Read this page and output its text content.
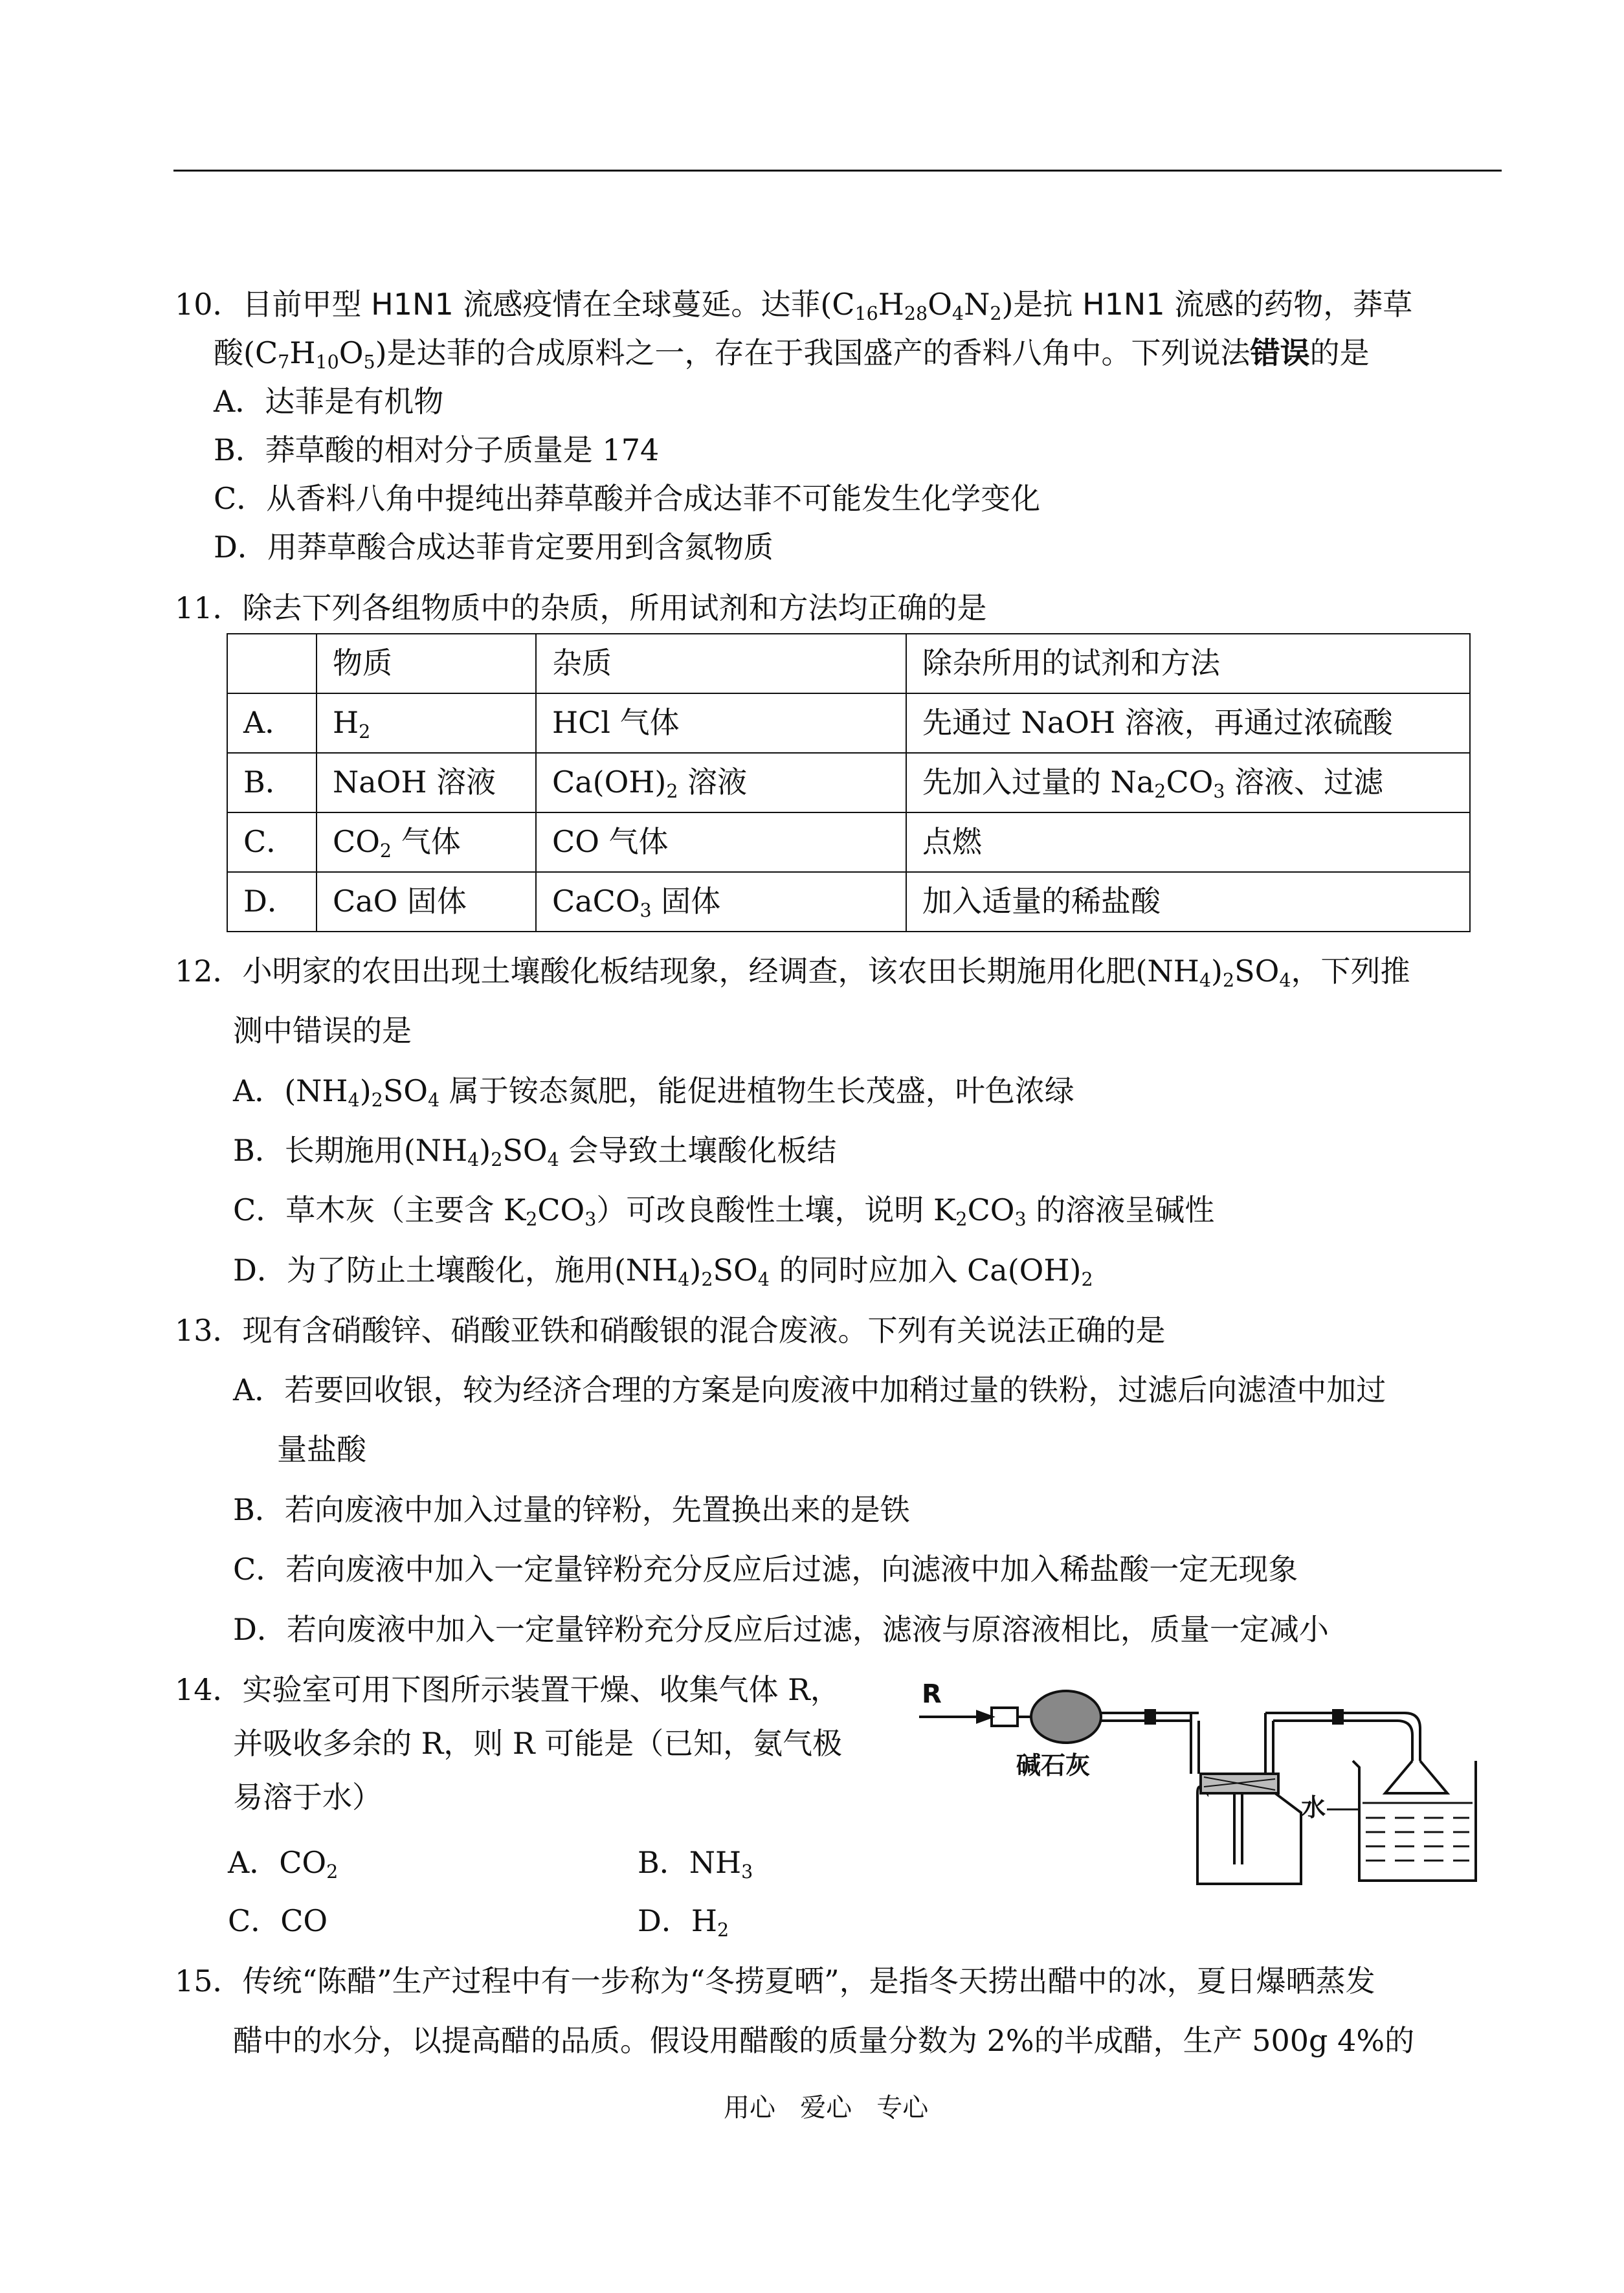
10．目前甲型 H1N1 流感疫情在全球蔓延。达菲$(C_{16}H_{28}O_4N_2)$是抗 H1N1 流感的药物，莽草
酸$(C_7H_{10}O_5)$是达菲的合成原料之一，存在于我国盛产的香料八角中。下列说法错误的是
A．达菲是有机物
B．莽草酸的相对分子质量是 174
C．从香料八角中提纯出莽草酸并合成达菲不可能发生化学变化
D．用莽草酸合成达菲肯定要用到含氮物质
11．除去下列各组物质中的杂质，所用试剂和方法均正确的是
	物质	杂质	除杂所用的试剂和方法
A．	$H_2$	HCl 气体	先通过 NaOH 溶液，再通过浓硫酸
B．	NaOH 溶液	$Ca(OH)_2$ 溶液	先加入过量的 $Na_2CO_3$ 溶液、过滤
C．	$CO_2$ 气体	CO 气体	点燃
D．	CaO 固体	CaCO$_3$ 固体	加入适量的稀盐酸
12．小明家的农田出现土壤酸化板结现象，经调查，该农田长期施用化肥$(NH_4)_2SO_4$，下列推
测中错误的是
A．$(NH_4)_2SO_4$ 属于铵态氮肥，能促进植物生长茂盛，叶色浓绿
B．长期施用$(NH_4)_2SO_4$ 会导致土壤酸化板结
C．草木灰（主要含 $K_2CO_3$）可改良酸性土壤，说明 $K_2CO_3$ 的溶液呈碱性
D．为了防止土壤酸化，施用$(NH_4)_2SO_4$ 的同时应加入 $Ca(OH)_2$
13．现有含硝酸锌、硝酸亚铁和硝酸银的混合废液。下列有关说法正确的是
A．若要回收银，较为经济合理的方案是向废液中加稍过量的铁粉，过滤后向滤渣中加过
量盐酸
B．若向废液中加入过量的锌粉，先置换出来的是铁
C．若向废液中加入一定量锌粉充分反应后过滤，向滤液中加入稀盐酸一定无现象
D．若向废液中加入一定量锌粉充分反应后过滤，滤液与原溶液相比，质量一定减小
14．实验室可用下图所示装置干燥、收集气体 R，
并吸收多余的 R，则 R 可能是（已知，氨气极
易溶于水）
A．$CO_2$	B．$NH_3$
C．CO	D．$H_2$
R
碱石灰
水
15．传统“陈醋”生产过程中有一步称为“冬捞夏晒”，是指冬天捞出醋中的冰，夏日爆晒蒸发
醋中的水分，以提高醋的品质。假设用醋酸的质量分数为 2%的半成醋，生产 500g 4%的
用心   爱心   专心
